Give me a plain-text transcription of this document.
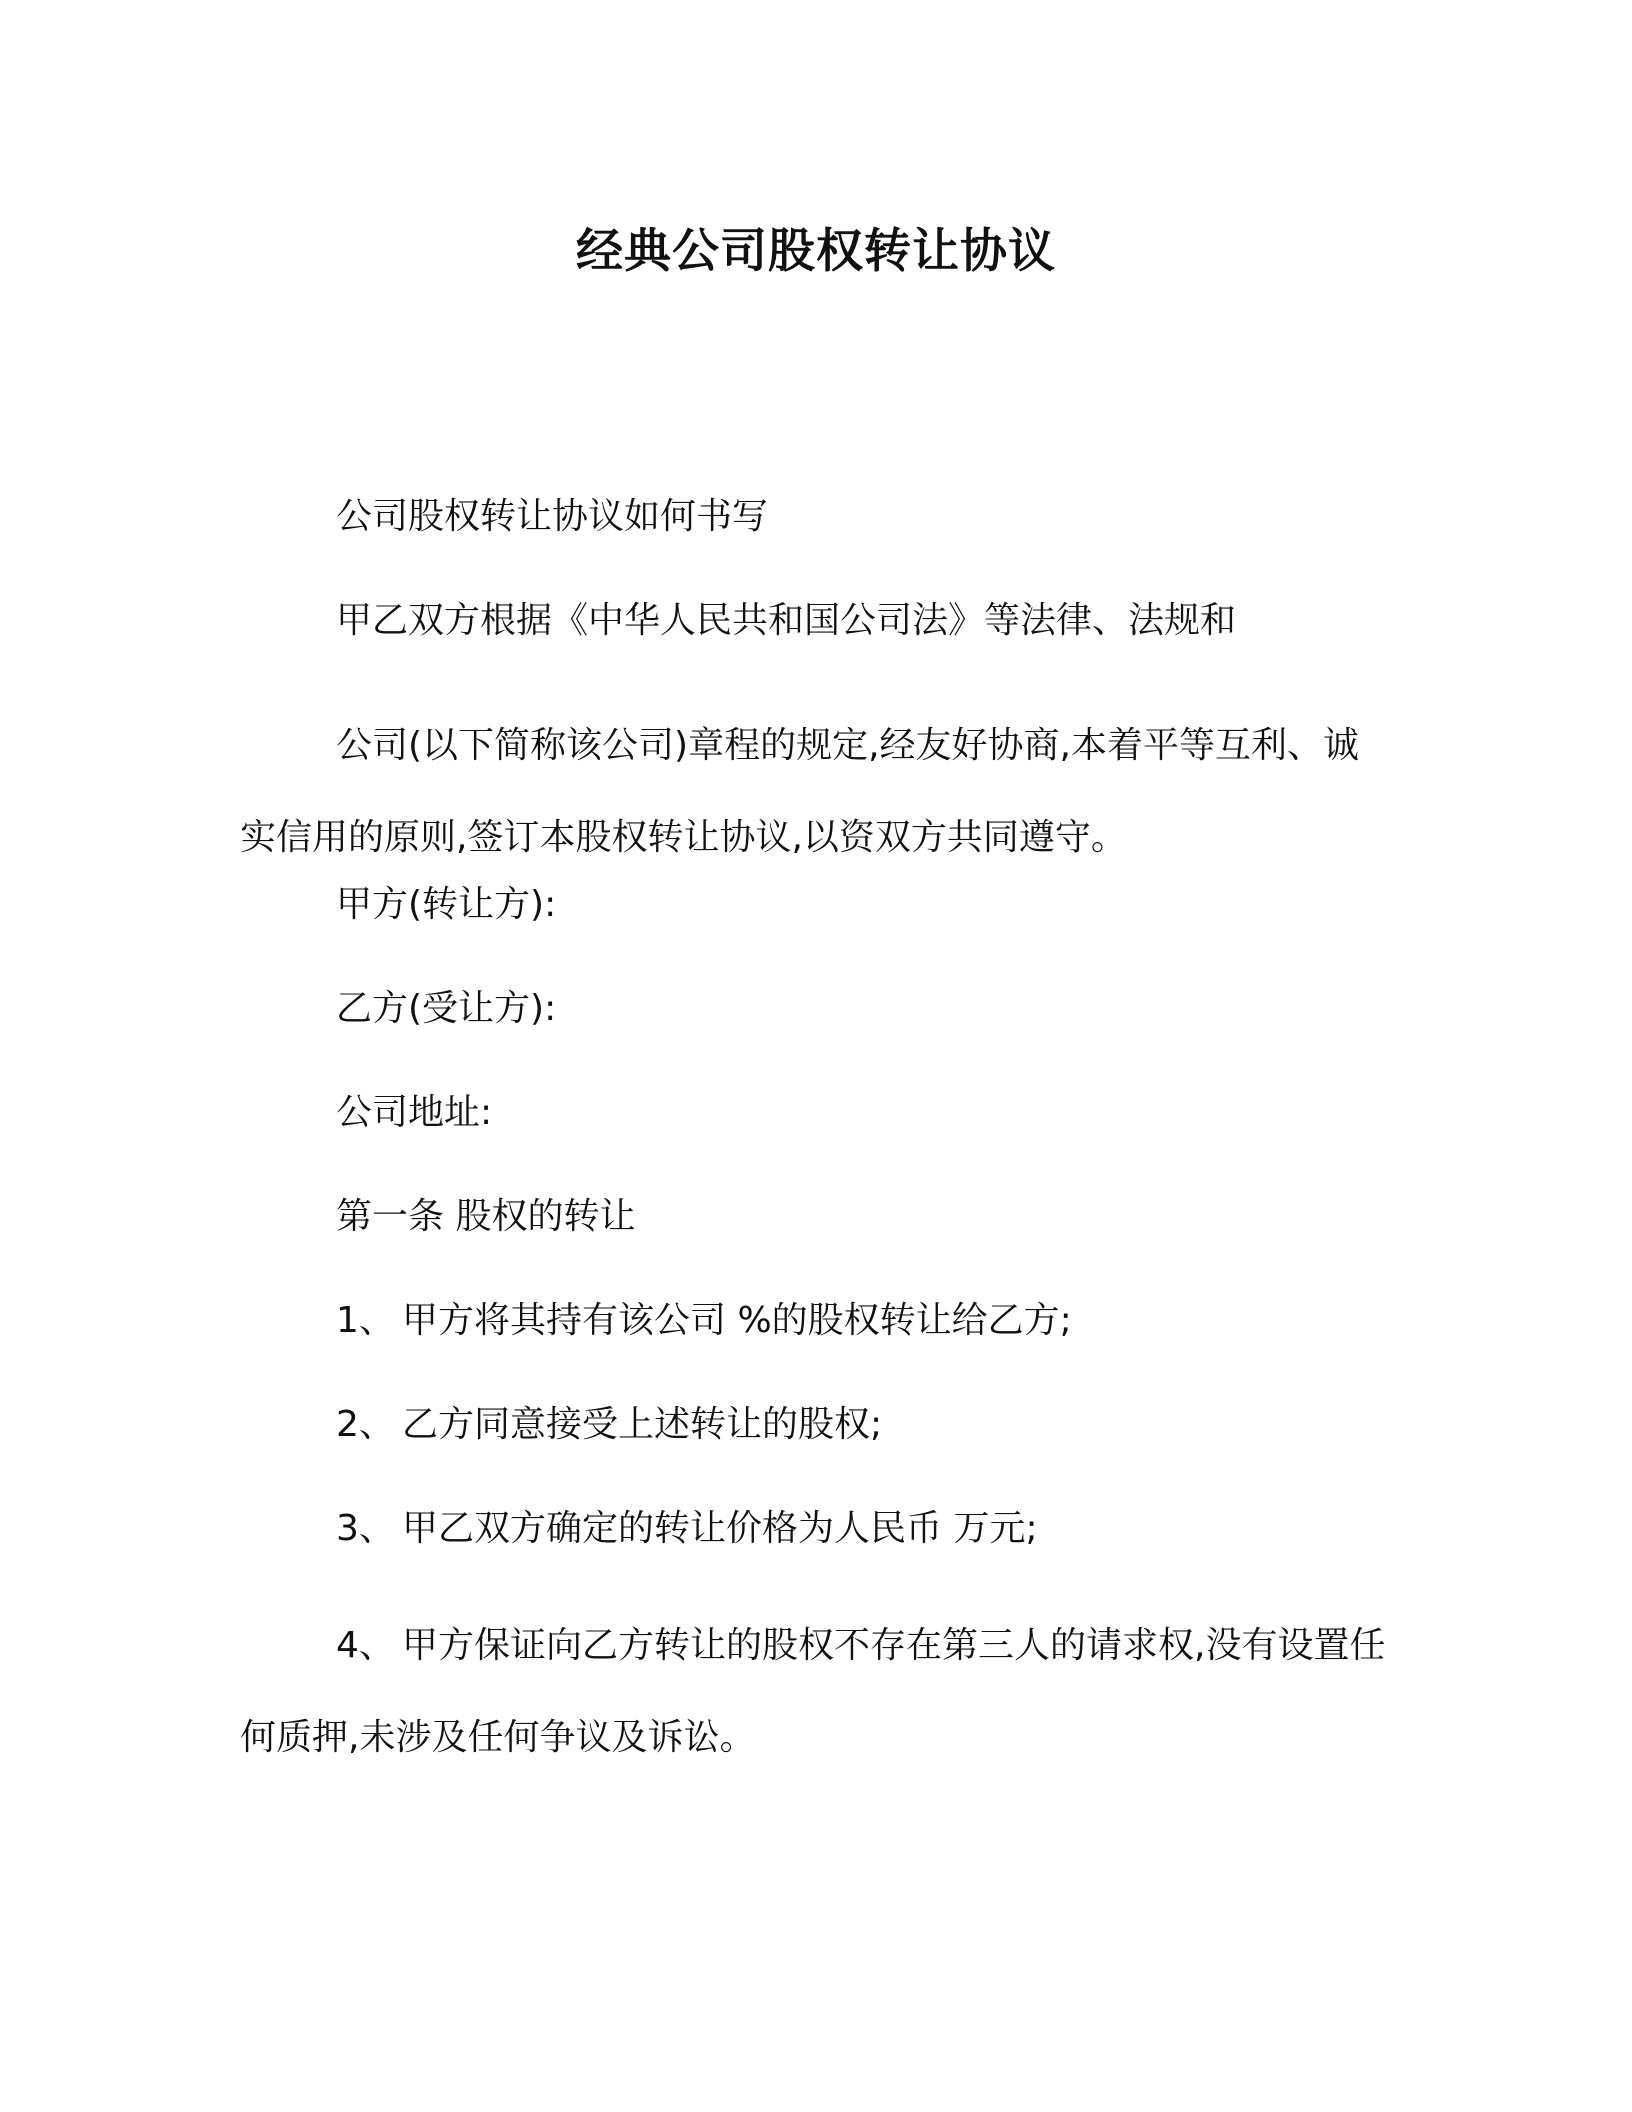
经典公司股权转让协议
公司股权转让协议如何书写
甲乙双方根据《中华人民共和国公司法》等法律、法规和
公司(以下简称该公司)章程的规定,经友好协商,本着平等互利、诚实信用的原则,签订本股权转让协议,以资双方共同遵守。
甲方(转让方):
乙方(受让方):
公司地址:
第一条 股权的转让
1、 甲方将其持有该公司 %的股权转让给乙方;
2、 乙方同意接受上述转让的股权;
3、 甲乙双方确定的转让价格为人民币 万元;
4、 甲方保证向乙方转让的股权不存在第三人的请求权,没有设置任何质押,未涉及任何争议及诉讼。
